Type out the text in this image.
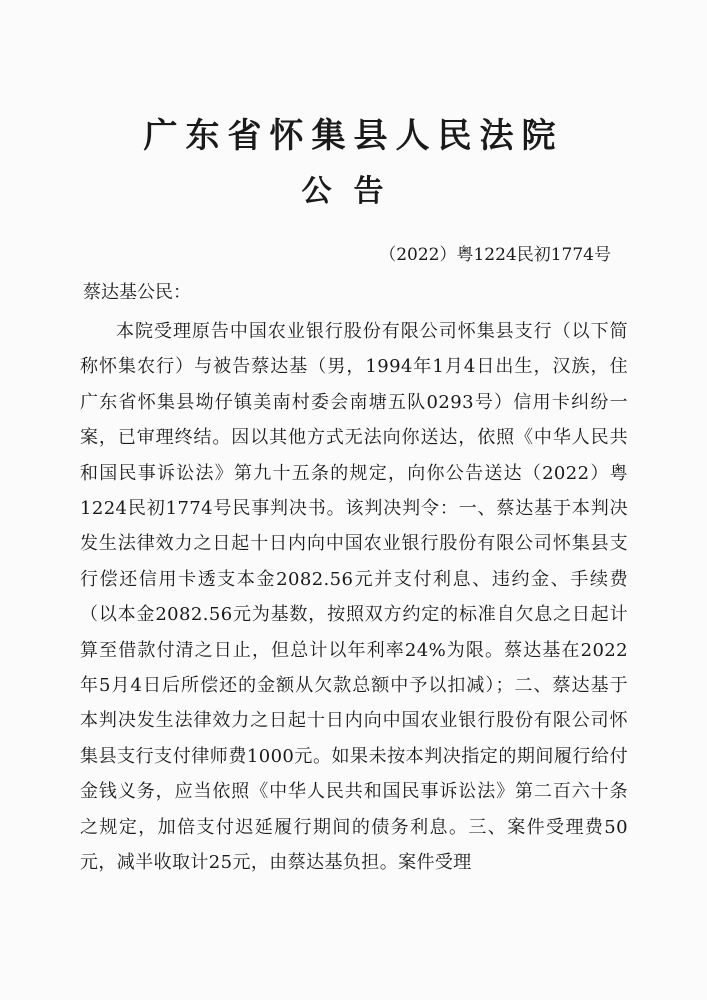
广东省怀集县人民法院
公告
（2022）粤1224民初1774号
蔡达基公民：
本院受理原告中国农业银行股份有限公司怀集县支行（以下简称怀集农行）与被告蔡达基（男，1994年1月4日出生，汉族，住广东省怀集县坳仔镇美南村委会南塘五队0293号）信用卡纠纷一案，已审理终结。因以其他方式无法向你送达，依照《中华人民共和国民事诉讼法》第九十五条的规定，向你公告送达（2022）粤1224民初1774号民事判决书。该判决判令：一、蔡达基于本判决发生法律效力之日起十日内向中国农业银行股份有限公司怀集县支行偿还信用卡透支本金2082.56元并支付利息、违约金、手续费（以本金2082.56元为基数，按照双方约定的标准自欠息之日起计算至借款付清之日止，但总计以年利率24%为限。蔡达基在2022年5月4日后所偿还的金额从欠款总额中予以扣减）；二、蔡达基于本判决发生法律效力之日起十日内向中国农业银行股份有限公司怀集县支行支付律师费1000元。如果未按本判决指定的期间履行给付金钱义务，应当依照《中华人民共和国民事诉讼法》第二百六十条之规定，加倍支付迟延履行期间的债务利息。三、案件受理费50元，减半收取计25元，由蔡达基负担。案件受理
